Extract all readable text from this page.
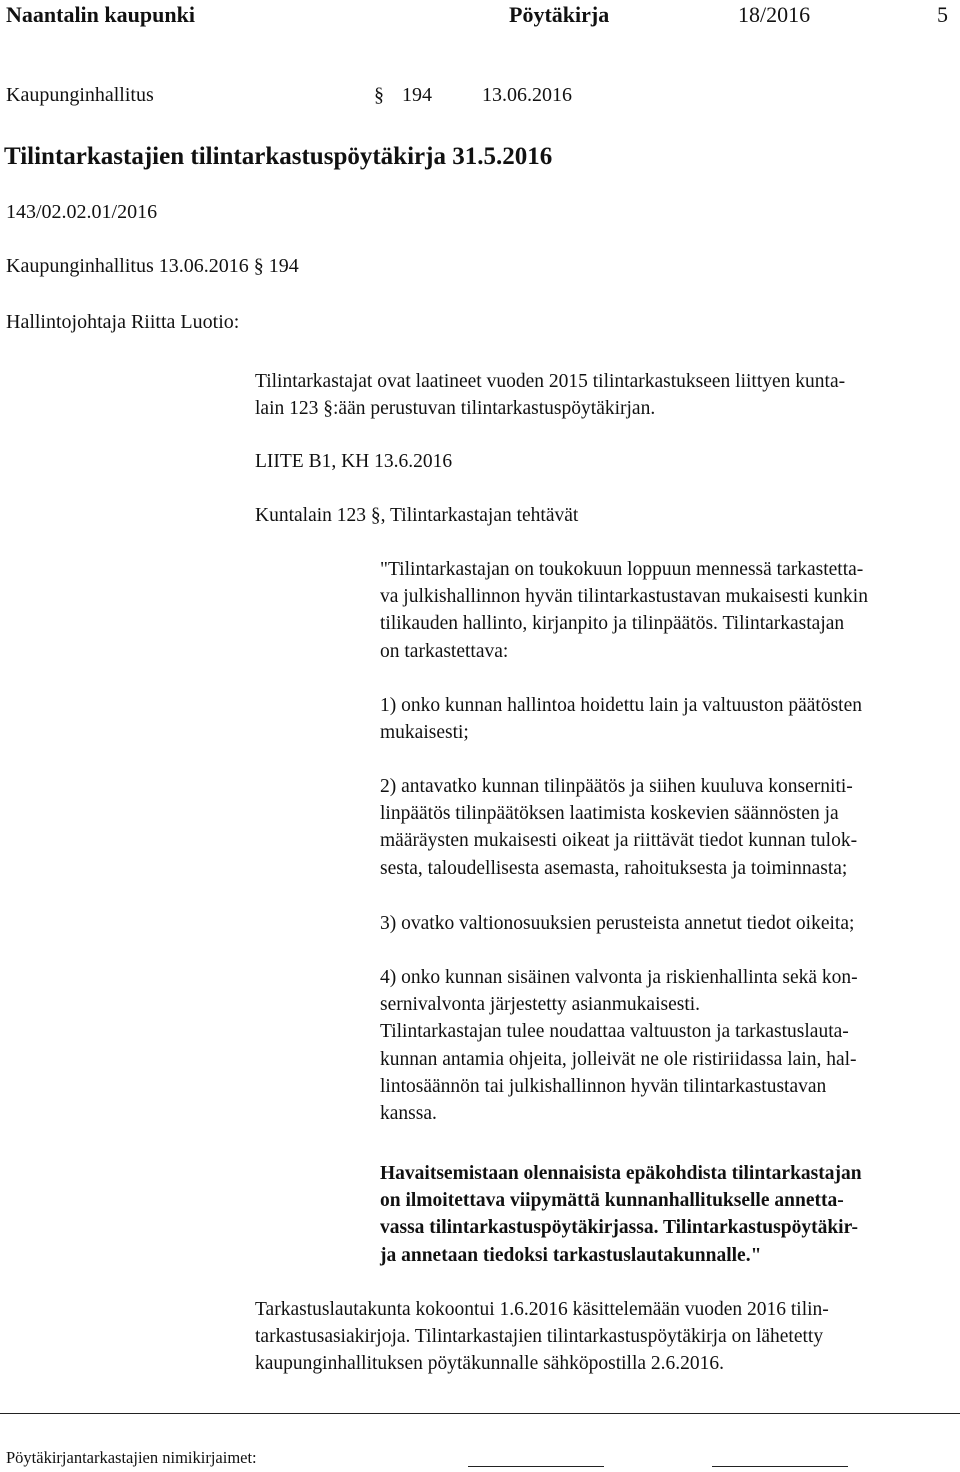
Naantalin kaupunki	Pöytäkirja	18/2016	5
Kaupunginhallitus	§ 194	13.06.2016
Tilintarkastajien tilintarkastuspöytäkirja 31.5.2016
143/02.02.01/2016
Kaupunginhallitus 13.06.2016 § 194
Hallintojohtaja Riitta Luotio:
Tilintarkastajat ovat laatineet vuoden 2015 tilintarkastukseen liittyen kunta-
lain 123 §:ään perustuvan tilintarkastuspöytäkirjan.
LIITE B1, KH 13.6.2016
Kuntalain 123 §, Tilintarkastajan tehtävät
"Tilintarkastajan on toukokuun loppuun mennessä tarkastetta-
va julkishallinnon hyvän tilintarkastustavan mukaisesti kunkin
tilikauden hallinto, kirjanpito ja tilinpäätös. Tilintarkastajan
on tarkastettava:
1) onko kunnan hallintoa hoidettu lain ja valtuuston päätösten
mukaisesti;
2) antavatko kunnan tilinpäätös ja siihen kuuluva konserniti-
linpäätös tilinpäätöksen laatimista koskevien säännösten ja
määräysten mukaisesti oikeat ja riittävät tiedot kunnan tulok-
sesta, taloudellisesta asemasta, rahoituksesta ja toiminnasta;
3) ovatko valtionosuuksien perusteista annetut tiedot oikeita;
4) onko kunnan sisäinen valvonta ja riskienhallinta sekä kon-
sernivalvonta järjestetty asianmukaisesti.
Tilintarkastajan tulee noudattaa valtuuston ja tarkastuslauta-
kunnan antamia ohjeita, jolleivät ne ole ristiriidassa lain, hal-
lintosäännön tai julkishallinnon hyvän tilintarkastustavan
kanssa.
Havaitsemistaan olennaisista epäkohdista tilintarkastajan
on ilmoitettava viipymättä kunnanhallitukselle annetta-
vassa tilintarkastuspöytäkirjassa. Tilintarkastuspöytäkir-
ja annetaan tiedoksi tarkastuslautakunnalle."
Tarkastuslautakunta kokoontui 1.6.2016 käsittelemään vuoden 2016 tilin-
tarkastusasiakirjoja. Tilintarkastajien tilintarkastuspöytäkirja on lähetetty
kaupunginhallituksen pöytäkunnalle sähköpostilla 2.6.2016.
Pöytäkirjantarkastajien nimikirjaimet:
